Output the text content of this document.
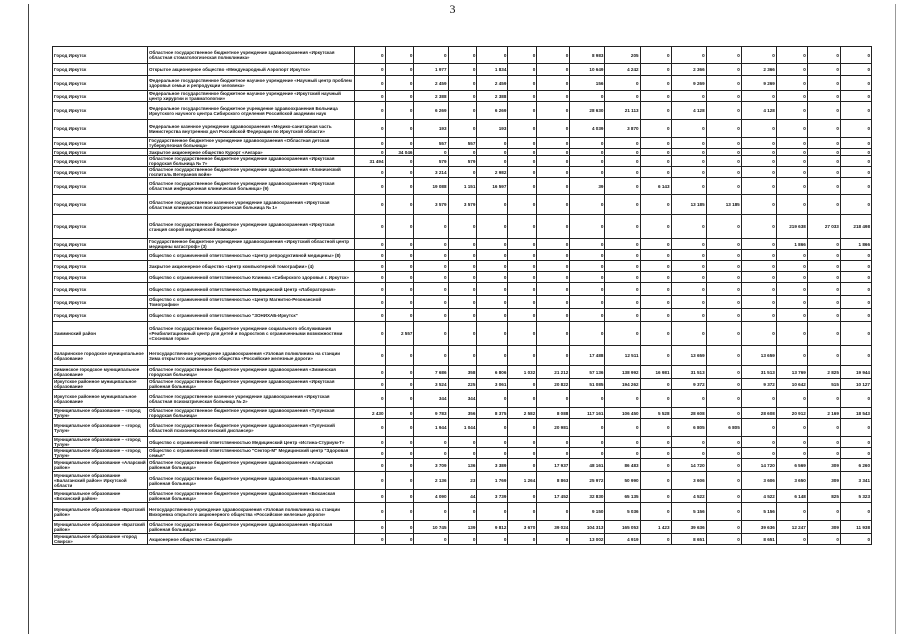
3
Город Иркутск	Областное государственное бюджетное учреждение здравоохранения «Иркутская областная стоматологическая поликлиника»	0	0	0	0	0	0	0	8 983	205	0	0	0	0	0	0	0
Город Иркутск	Открытое акционерное общество «Международный Аэропорт Иркутск»	0	0	1 977	0	1 834	0	0	10 649	4 242	0	2 366	0	2 366	0	0	0
Город Иркутск	Федеральное государственное бюджетное научное учреждение «Научный центр проблем здоровья семьи и репродукции человека»	0	0	2 459	0	2 459	0	0	156	0	0	9 269	0	9 269	0	0	0
Город Иркутск	Федеральное государственное бюджетное научное учреждение «Иркутский научный центр хирургии и травматологии»	0	0	2 388	0	2 388	0	0	0	0	0	0	0	0	0	0	0
Город Иркутск	Федеральное государственное бюджетное учреждение здравоохранения Больница Иркутского научного центра Сибирского отделения Российской академии наук	0	0	6 269	0	6 269	0	0	28 630	21 113	0	4 128	0	4 128	0	0	0
Город Иркутск	Федеральное казенное учреждение здравоохранения «Медико-санитарная часть Министерства внутренних дел Российской Федерации по Иркутской области»	0	0	193	0	193	0	0	4 039	3 870	0	0	0	0	0	0	0
Город Иркутск	Государственное бюджетное учреждение здравоохранения «Областная детская туберкулезная больница»	0	0	557	557	0	0	0	0	0	0	0	0	0	0	0	0
Город Иркутск	Закрытое акционерное общество Курорт «Ангара»	0	34 046	0	0	0	0	0	0	0	0	0	0	0	0	0	0
Город Иркутск	Областное государственное бюджетное учреждение здравоохранения «Иркутская городская больница № 7»	31 494	0	579	579	0	0	0	0	0	0	0	0	0	0	0	0
Город Иркутск	Областное государственное бюджетное учреждение здравоохранения «Клинический госпиталь Ветеранов войн»	0	0	3 214	0	2 982	0	0	0	0	0	0	0	0	0	0	0
Город Иркутск	Областное государственное бюджетное учреждение здравоохранения «Иркутская областная инфекционная клиническая больница» (9)	0	0	19 088	1 151	16 597	0	0	39	0	6 143	0	0	0	0	0	0
Город Иркутск	Областное государственное казенное учреждение здравоохранения «Иркутская областная клиническая психиатрическая больница № 1»	0	0	3 579	3 579	0	0	0	0	0	0	13 185	13 185	0	0	0	0
Город Иркутск	Областное государственное бюджетное учреждение здравоохранения «Иркутская станция скорой медицинской помощи»	0	0	0	0	0	0	0	0	0	0	0	0	0	219 638	27 033	218 498
Город Иркутск	Государственное бюджетное учреждение здравоохранения «Иркутский областной центр медицины катастроф» (3)	0	0	0	0	0	0	0	0	0	0	0	0	0	1 866	0	1 866
Город Иркутск	Общество с ограниченной ответственностью «Центр репродуктивной медицины» (8)	0	0	0	0	0	0	0	0	0	0	0	0	0	0	0	0
Город Иркутск	Закрытое акционерное общество «Центр компьютерной томографии» (4)	0	0	0	0	0	0	0	0	0	0	0	0	0	0	0	0
Город Иркутск	Общество с ограниченной ответственностью Клиника «Сибирского здоровья г. Иркутск»	0	0	0	0	0	0	0	0	0	0	0	0	0	0	0	0
Город Иркутск	Общество с ограниченной ответственностью Медицинский Центр «Лабораторная»	0	0	0	0	0	0	0	0	0	0	0	0	0	0	0	0
Город Иркутск	Общество с ограниченной ответственностью «Центр Магнитно-Резонансной Томографии»	0	0	0	0	0	0	0	0	0	0	0	0	0	0	0	0
Город Иркутск	Общество с ограниченной ответственностью "ЗОНИХАБ-Иркутск"	0	0	0	0	0	0	0	0	0	0	0	0	0	0	0	0
Заиминский район	Областное государственное бюджетное учреждение социального обслуживания «Реабилитационный центр для детей и подростков с ограниченными возможностями «Сосновая горка»	0	2 557	0	0	0	0	0	0	0	0	0	0	0	0	0	0
Заларинское городское муниципальное образование	Негосударственное учреждение здравоохранения «Узловая поликлиника на станции Зима открытого акционерного общества «Российские железные дороги»	0	0	0	0	0	0	0	17 488	12 511	0	13 659	0	13 659	0	0	0
Зиминское городское муниципальное образование	Областное государственное бюджетное учреждение здравоохранения «Зиминская городская больница»	0	0	7 686	358	6 806	1 032	21 212	57 136	138 992	16 981	31 513	0	31 513	13 769	2 825	19 944
Иркутское районное муниципальное образование	Областное государственное бюджетное учреждение здравоохранения «Иркутская районная больница»	0	0	3 524	225	3 061	0	20 822	51 085	194 262	0	9 372	0	9 372	10 642	515	10 127
Иркутское районное муниципальное образование	Областное государственное казенное учреждение здравоохранения «Иркутская областная психиатрическая больница № 2»	0	0	344	344	0	0	0	0	0	0	0	0	0	0	0	0
Муниципальное образование – «город Тулун»	Областное государственное бюджетное учреждение здравоохранения «Тулунская городская больница»	2 430	0	9 783	356	8 375	2 582	8 088	117 161	106 450	5 528	28 608	0	28 608	20 912	2 169	18 543
Муниципальное образование – «город Тулун»	Областное государственное бюджетное учреждение здравоохранения «Тулунский областной психоневрологический диспансер»	0	0	1 944	1 044	0	0	20 981	0	0	0	6 805	6 805	0	0	0	0
Муниципальное образование – «город Тулун»	Общество с ограниченной ответственностью Медицинский Центр «Истина-Стуриум-Т»	0	0	0	0	0	0	0	0	0	0	0	0	0	0	0	0
Муниципальное образование – «город Тулун»	Общество с ограниченной ответственностью "Сектор-М" Медицинский центр "Здоровая семья"	0	0	0	0	0	0	0	0	0	0	0	0	0	0	0	0
Муниципальное образование «Аларский район»	Областное государственное бюджетное учреждение здравоохранения «Аларская районная больница»	0	0	3 709	136	3 389	0	17 937	48 161	86 483	0	14 720	0	14 720	6 569	309	6 260
Муниципальное образование «Балаганский район» Иркутской области	Областное государственное бюджетное учреждение здравоохранения «Балаганская районная больница»	0	0	2 136	23	1 769	1 264	8 863	25 972	50 990	0	3 606	0	3 606	3 650	309	3 341
Муниципальное образование «Боханский район»	Областное государственное бюджетное учреждение здравоохранения «Боханская районная больница»	0	0	4 090	44	3 739	0	17 452	32 830	65 135	0	4 522	0	4 522	6 148	825	5 323
Муниципальное образование «Братский район»	Негосударственное учреждение здравоохранения «Узловая поликлиника на станции Вихоревка открытого акционерного общества «Российские железные дороги»	0	0	0	0	0	0	0	9 150	5 036	0	5 156	0	5 156	0	0	0
Муниципальное образование «Братский район»	Областное государственное бюджетное учреждение здравоохранения «Братская районная больница»	0	0	10 745	139	9 812	3 670	39 024	104 313	165 053	1 423	39 636	0	39 636	12 247	309	11 938
Муниципальное образование «город Свирск»	Акционерное общество «Санаторий»	0	0	0	0	0	0	0	13 002	4 919	0	8 651	0	8 651	0	0	0
